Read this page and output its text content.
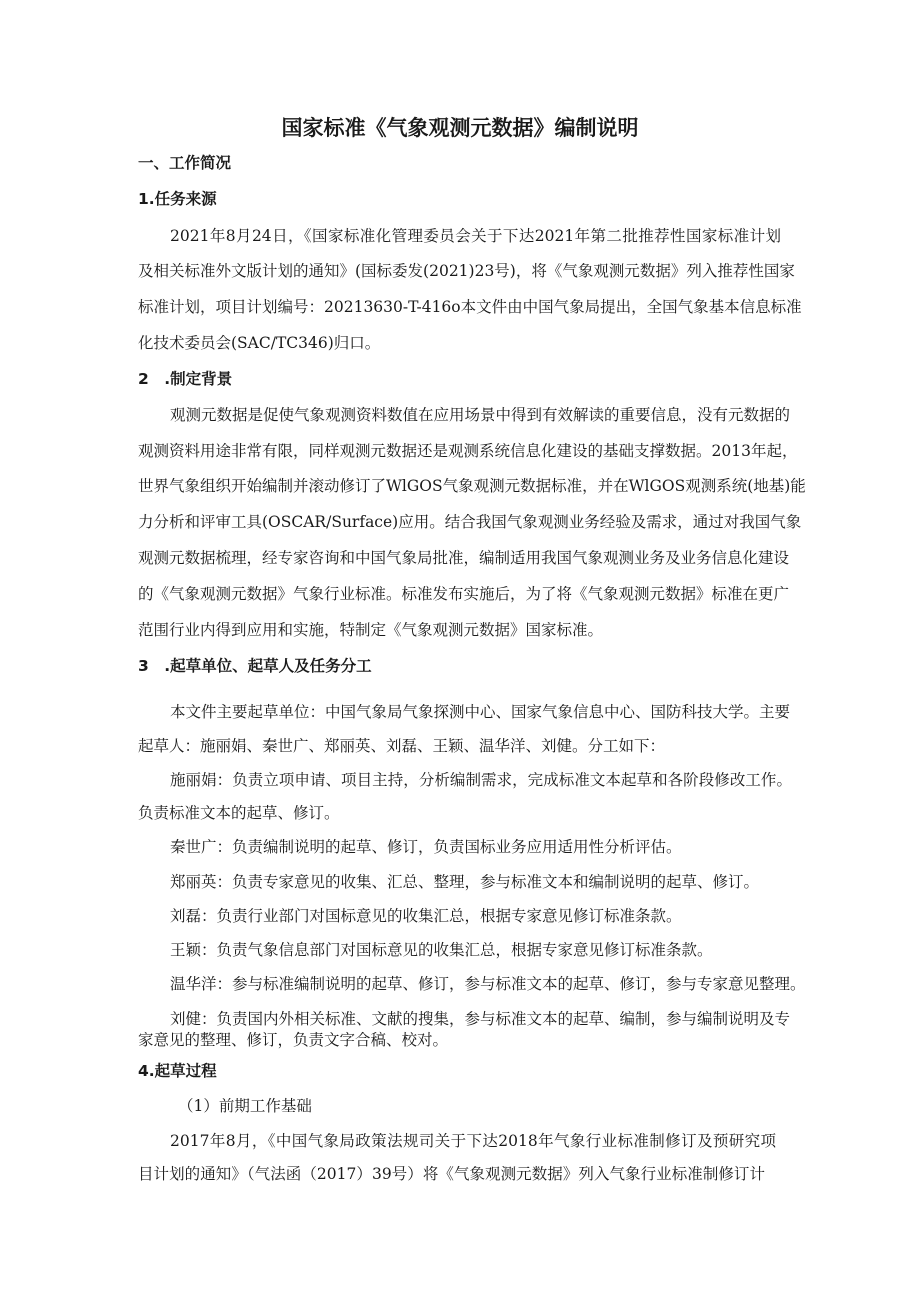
国家标准《气象观测元数据》编制说明
一、工作简况
1.任务来源

2021年8月24日，《国家标准化管理委员会关于下达2021年第二批推荐性国家标准计划

及相关标准外文版计划的通知》(国标委发(2021)23号)，将《气象观测元数据》列入推荐性国家

标准计划，项目计划编号：20213630-T-416o本文件由中国气象局提出，全国气象基本信息标准

化技术委员会(SAC/TC346)归口。

2　.制定背景

观测元数据是促使气象观测资料数值在应用场景中得到有效解读的重要信息，没有元数据的

观测资料用途非常有限，同样观测元数据还是观测系统信息化建设的基础支撑数据。2013年起，

世界气象组织开始编制并滚动修订了WlGOS气象观测元数据标准，并在WlGOS观测系统(地基)能

力分析和评审工具(OSCAR/Surface)应用。结合我国气象观测业务经验及需求，通过对我国气象

观测元数据梳理，经专家咨询和中国气象局批准，编制适用我国气象观测业务及业务信息化建设

的《气象观测元数据》气象行业标准。标准发布实施后，为了将《气象观测元数据》标准在更广

范围行业内得到应用和实施，特制定《气象观测元数据》国家标准。

3　.起草单位、起草人及任务分工

本文件主要起草单位：中国气象局气象探测中心、国家气象信息中心、国防科技大学。主要

起草人：施丽娟、秦世广、郑丽英、刘磊、王颖、温华洋、刘健。分工如下：

施丽娟：负责立项申请、项目主持，分析编制需求，完成标准文本起草和各阶段修改工作。

负责标准文本的起草、修订。

秦世广：负责编制说明的起草、修订，负责国标业务应用适用性分析评估。

郑丽英：负责专家意见的收集、汇总、整理，参与标准文本和编制说明的起草、修订。

刘磊：负责行业部门对国标意见的收集汇总，根据专家意见修订标准条款。

王颖：负责气象信息部门对国标意见的收集汇总，根据专家意见修订标准条款。

温华洋：参与标准编制说明的起草、修订，参与标准文本的起草、修订，参与专家意见整理。

刘健：负责国内外相关标准、文献的搜集，参与标准文本的起草、编制，参与编制说明及专

家意见的整理、修订，负责文字合稿、校对。

4.起草过程

（1）前期工作基础

2017年8月，《中国气象局政策法规司关于下达2018年气象行业标准制修订及预研究项

目计划的通知》（气法函（2017）39号）将《气象观测元数据》列入气象行业标准制修订计
